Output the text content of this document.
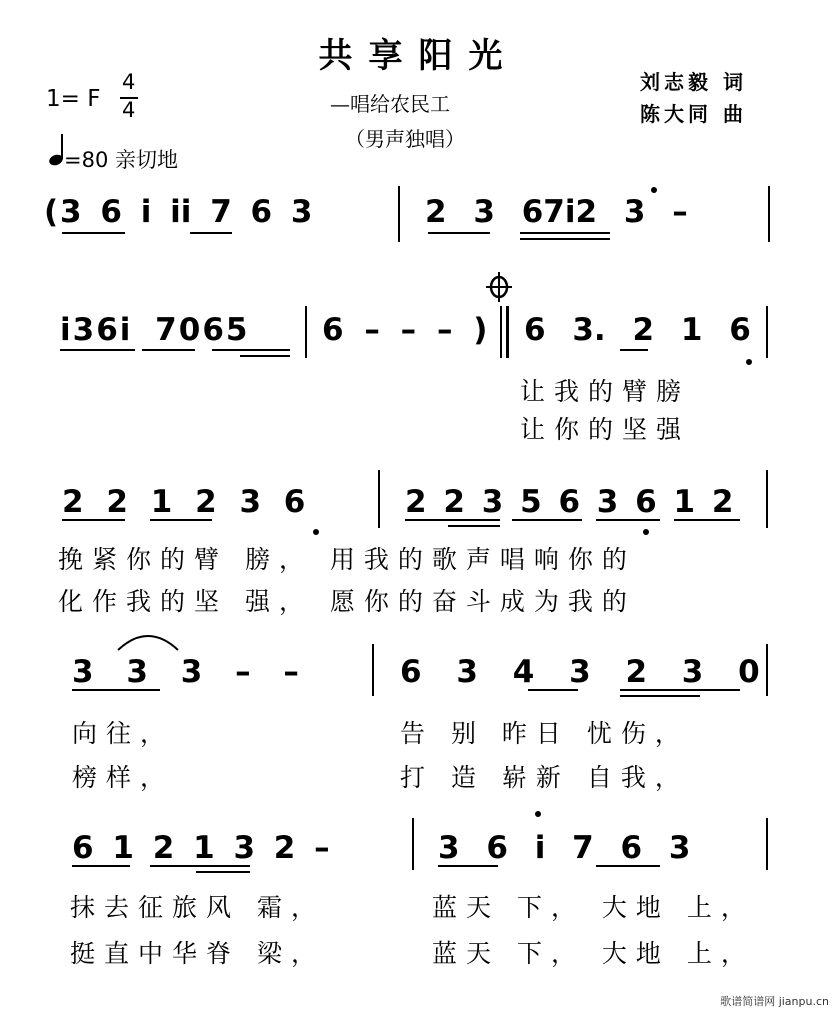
共享阳光
—唱给农民工
（男声独唱）
1= F
4
4
=80 亲切地
刘志毅 词
陈大同 曲
( 3 6 i ii 7 6 3	2 3 67i2 3 –
i36i 7065 6 – – – ) 6 3. 2 1 6
让我的臂膀
让你的坚强
2 2 1 2 3 6	2 2 3 5 6 3 6 1 2
挽紧你的臂 膀， 用我的歌声唱响你的
化作我的坚 强， 愿你的奋斗成为我的
3 3 3 – –	6 3 4 3 2 3 0
向往，	告 别 昨日 忧伤，
榜样，	打 造 崭新 自我，
6 1 2 1 3 2 –	3 6 i 7 6 3
抹去征旅风 霜，	蓝天 下， 大地 上，
挺直中华脊 梁，	蓝天 下， 大地 上，
歌谱简谱网 jianpu.cn
